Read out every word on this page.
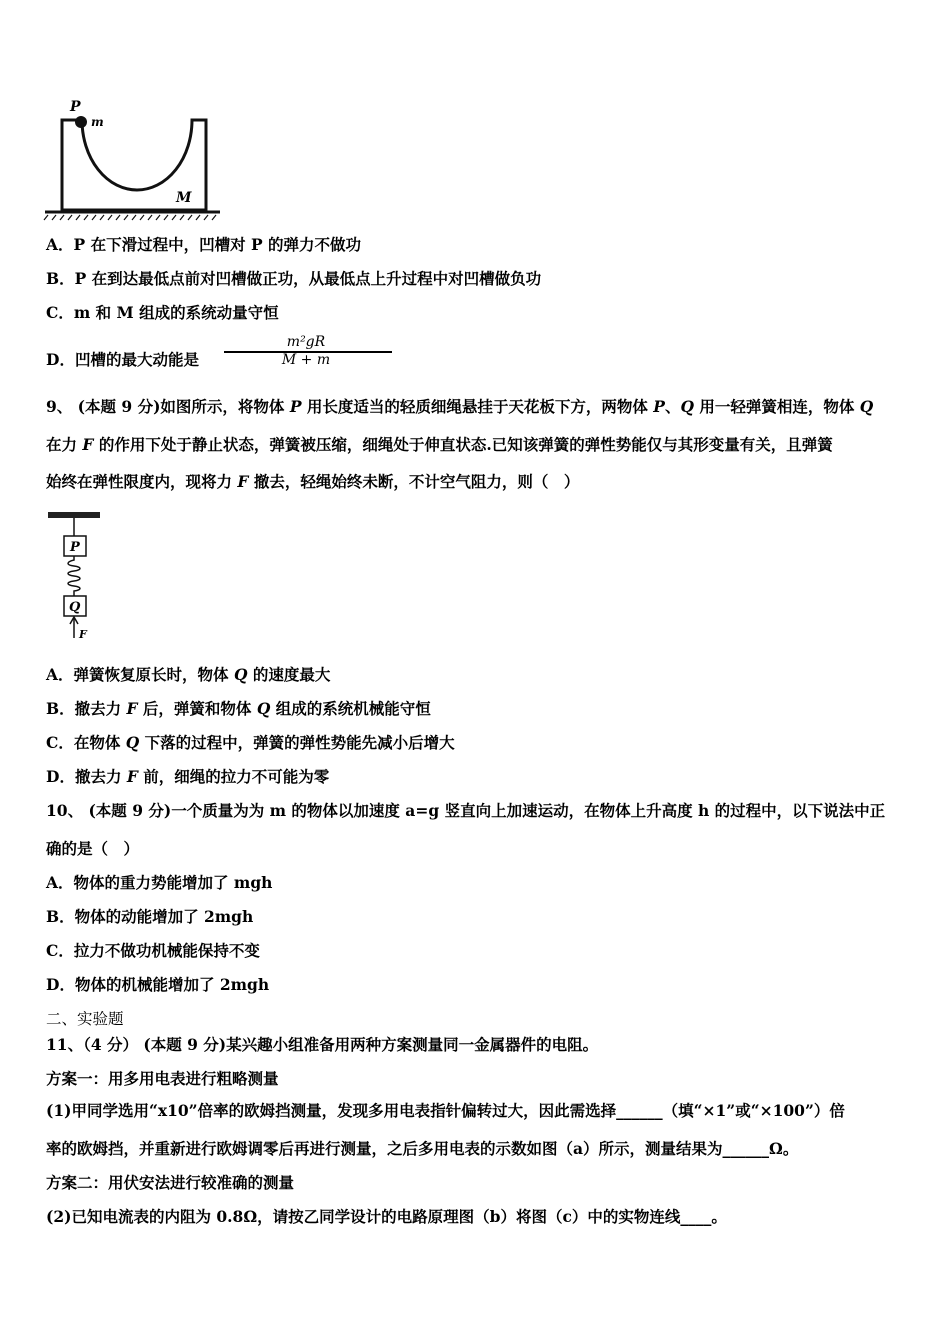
P
m
M
A．P 在下滑过程中，凹槽对 P 的弹力不做功
B．P 在到达最低点前对凹槽做正功，从最低点上升过程中对凹槽做负功
C．m 和 M 组成的系统动量守恒
D．凹槽的最大动能是
m²gR
M + m
9、 (本题 9 分)如图所示，将物体 P 用长度适当的轻质细绳悬挂于天花板下方，两物体 P、Q 用一轻弹簧相连，物体 Q
在力 F 的作用下处于静止状态，弹簧被压缩，细绳处于伸直状态.已知该弹簧的弹性势能仅与其形变量有关，且弹簧
始终在弹性限度内，现将力 F 撤去，轻绳始终未断，不计空气阻力，则（　）
P
Q
F
A．弹簧恢复原长时，物体 Q 的速度最大
B．撤去力 F 后，弹簧和物体 Q 组成的系统机械能守恒
C．在物体 Q 下落的过程中，弹簧的弹性势能先减小后增大
D．撤去力 F 前，细绳的拉力不可能为零
10、 (本题 9 分)一个质量为为 m 的物体以加速度 a=g 竖直向上加速运动，在物体上升高度 h 的过程中，以下说法中正
确的是（　）
A．物体的重力势能增加了 mgh
B．物体的动能增加了 2mgh
C．拉力不做功机械能保持不变
D．物体的机械能增加了 2mgh
二、实验题
11、（4 分） (本题 9 分)某兴趣小组准备用两种方案测量同一金属器件的电阻。
方案一：用多用电表进行粗略测量
(1)甲同学选用“x10”倍率的欧姆挡测量，发现多用电表指针偏转过大，因此需选择______（填“×1”或“×100”）倍
率的欧姆挡，并重新进行欧姆调零后再进行测量，之后多用电表的示数如图（a）所示，测量结果为______Ω。
方案二：用伏安法进行较准确的测量
(2)已知电流表的内阻为 0.8Ω，请按乙同学设计的电路原理图（b）将图（c）中的实物连线____。
